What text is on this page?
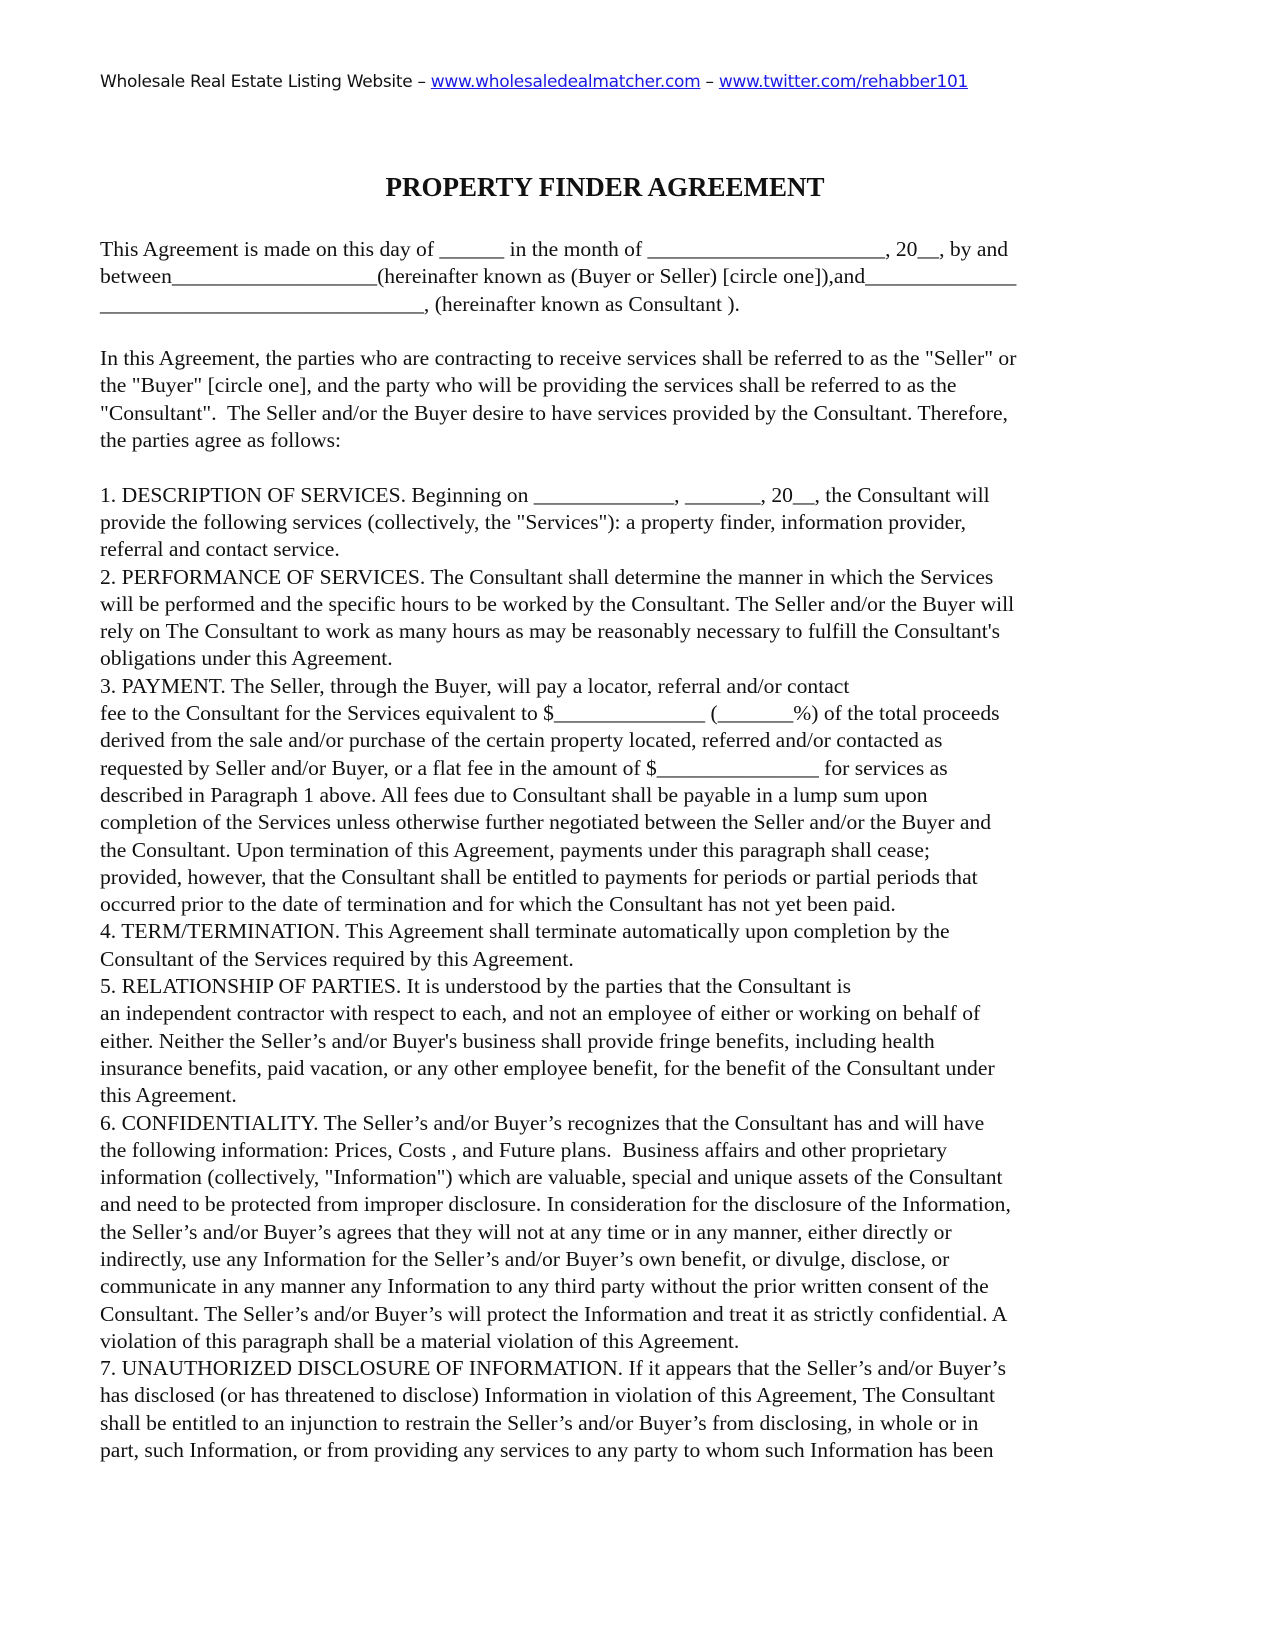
Wholesale Real Estate Listing Website – www.wholesaledealmatcher.com – www.twitter.com/rehabber101
PROPERTY FINDER AGREEMENT
This Agreement is made on this day of ______ in the month of ______________________, 20__, by and
between___________________(hereinafter known as (Buyer or Seller) [circle one]),and______________
______________________________, (hereinafter known as Consultant ).
In this Agreement, the parties who are contracting to receive services shall be referred to as the "Seller" or
the "Buyer" [circle one], and the party who will be providing the services shall be referred to as the
"Consultant".  The Seller and/or the Buyer desire to have services provided by the Consultant. Therefore,
the parties agree as follows:
1. DESCRIPTION OF SERVICES. Beginning on _____________, _______, 20__, the Consultant will
provide the following services (collectively, the "Services"): a property finder, information provider,
referral and contact service.
2. PERFORMANCE OF SERVICES. The Consultant shall determine the manner in which the Services
will be performed and the specific hours to be worked by the Consultant. The Seller and/or the Buyer will
rely on The Consultant to work as many hours as may be reasonably necessary to fulfill the Consultant's
obligations under this Agreement.
3. PAYMENT. The Seller, through the Buyer, will pay a locator, referral and/or contact
fee to the Consultant for the Services equivalent to $______________ (_______%) of the total proceeds
derived from the sale and/or purchase of the certain property located, referred and/or contacted as
requested by Seller and/or Buyer, or a flat fee in the amount of $_______________ for services as
described in Paragraph 1 above. All fees due to Consultant shall be payable in a lump sum upon
completion of the Services unless otherwise further negotiated between the Seller and/or the Buyer and
the Consultant. Upon termination of this Agreement, payments under this paragraph shall cease;
provided, however, that the Consultant shall be entitled to payments for periods or partial periods that
occurred prior to the date of termination and for which the Consultant has not yet been paid.
4. TERM/TERMINATION. This Agreement shall terminate automatically upon completion by the
Consultant of the Services required by this Agreement.
5. RELATIONSHIP OF PARTIES. It is understood by the parties that the Consultant is
an independent contractor with respect to each, and not an employee of either or working on behalf of
either. Neither the Seller’s and/or Buyer's business shall provide fringe benefits, including health
insurance benefits, paid vacation, or any other employee benefit, for the benefit of the Consultant under
this Agreement.
6. CONFIDENTIALITY. The Seller’s and/or Buyer’s recognizes that the Consultant has and will have
the following information: Prices, Costs , and Future plans.  Business affairs and other proprietary
information (collectively, "Information") which are valuable, special and unique assets of the Consultant
and need to be protected from improper disclosure. In consideration for the disclosure of the Information,
the Seller’s and/or Buyer’s agrees that they will not at any time or in any manner, either directly or
indirectly, use any Information for the Seller’s and/or Buyer’s own benefit, or divulge, disclose, or
communicate in any manner any Information to any third party without the prior written consent of the
Consultant. The Seller’s and/or Buyer’s will protect the Information and treat it as strictly confidential. A
violation of this paragraph shall be a material violation of this Agreement.
7. UNAUTHORIZED DISCLOSURE OF INFORMATION. If it appears that the Seller’s and/or Buyer’s
has disclosed (or has threatened to disclose) Information in violation of this Agreement, The Consultant
shall be entitled to an injunction to restrain the Seller’s and/or Buyer’s from disclosing, in whole or in
part, such Information, or from providing any services to any party to whom such Information has been
